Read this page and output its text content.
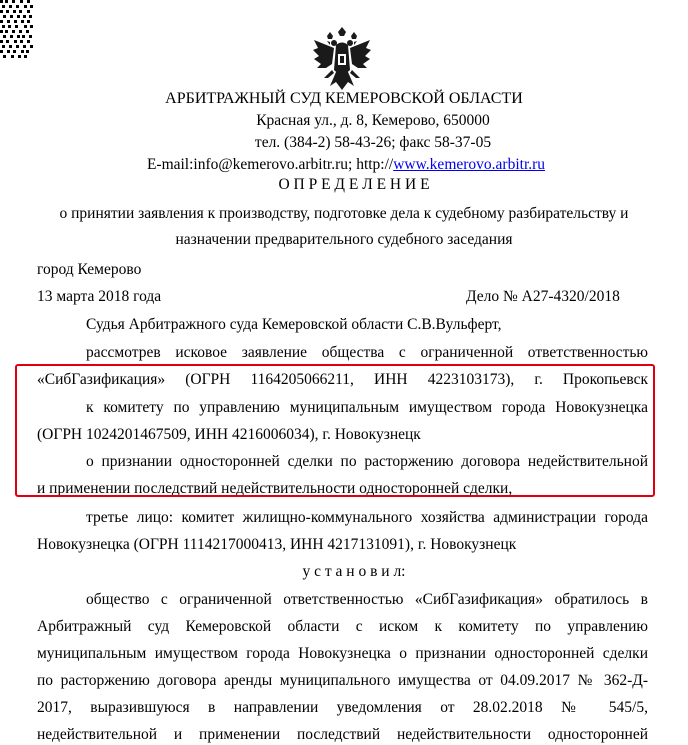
АРБИТРАЖНЫЙ СУД КЕМЕРОВСКОЙ ОБЛАСТИ
Красная ул., д. 8, Кемерово, 650000
тел. (384-2) 58-43-26; факс 58-37-05
E-mail:info@kemerovo.arbitr.ru; http://www.kemerovo.arbitr.ru
О П Р Е Д Е Л Е Н И Е
о принятии заявления к производству, подготовке дела к судебному разбирательству и
назначении предварительного судебного заседания
город Кемерово
13 марта 2018 года	Дело № А27-4320/2018
Судья Арбитражного суда Кемеровской области С.В.Вульферт,
рассмотрев исковое заявление общества с ограниченной ответственностью
«СибГазификация» (ОГРН 1164205066211, ИНН 4223103173), г. Прокопьевск
к комитету по управлению муниципальным имуществом города Новокузнецка
(ОГРН 1024201467509, ИНН 4216006034), г. Новокузнецк
о признании односторонней сделки по расторжению договора недействительной
и применении последствий недействительности односторонней сделки,
третье лицо: комитет жилищно-коммунального хозяйства администрации города
Новокузнецка (ОГРН 1114217000413, ИНН 4217131091), г. Новокузнецк
у с т а н о в и л:
общество с ограниченной ответственностью «СибГазификация» обратилось в
Арбитражный суд Кемеровской области с иском к комитету по управлению
муниципальным имуществом города Новокузнецка о признании односторонней сделки
по расторжению договора аренды муниципального имущества от 04.09.2017 № 362-Д-
2017, выразившуюся в направлении уведомления от 28.02.2018 № 545/5,
недействительной и применении последствий недействительности односторонней
